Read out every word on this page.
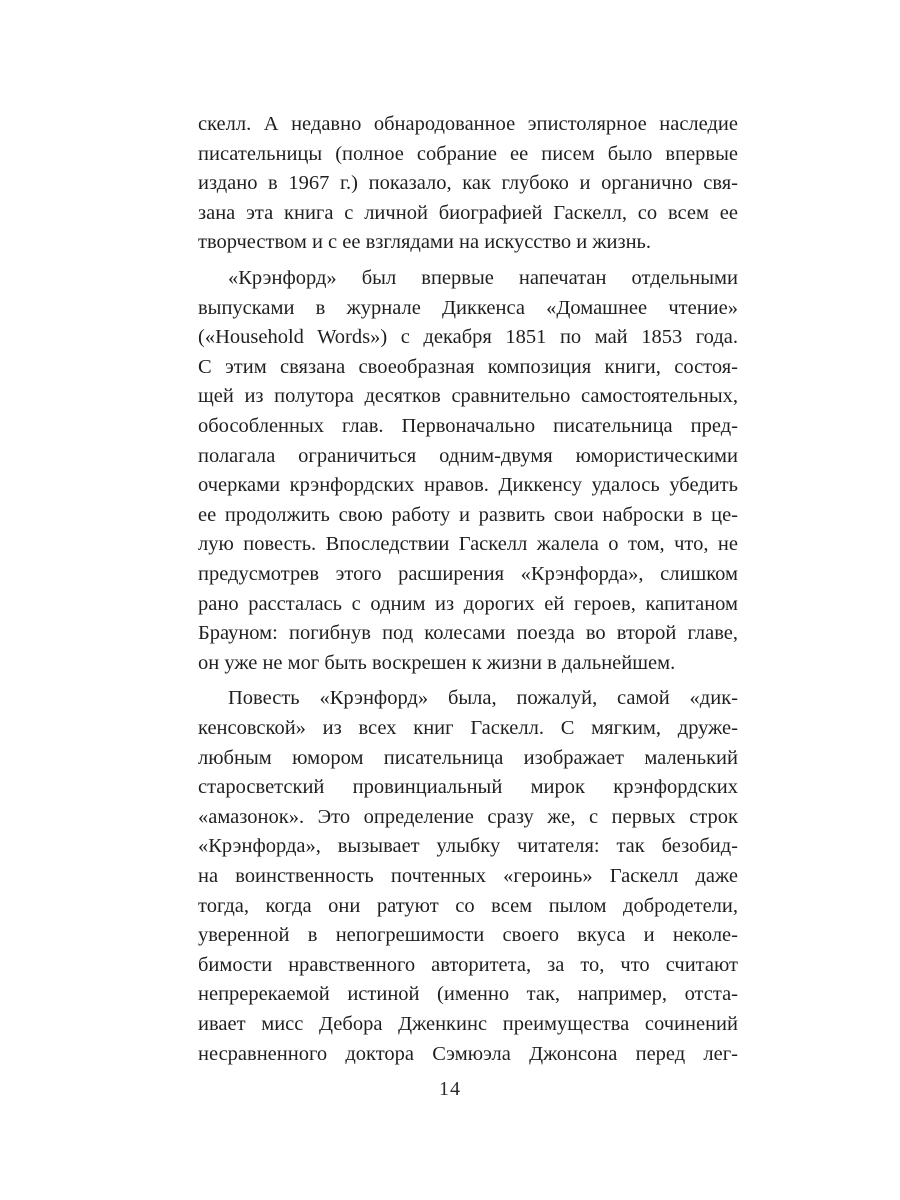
скелл. А недавно обнародованное эпистолярное наследие
писательницы (полное собрание ее писем было впервые
издано в 1967 г.) показало, как глубоко и органично свя-
зана эта книга с личной биографией Гаскелл, со всем ее
творчеством и с ее взглядами на искусство и жизнь.
«Крэнфорд» был впервые напечатан отдельными
выпусками в журнале Диккенса «Домашнее чтение»
(«Household Words») с декабря 1851 по май 1853 года.
С этим связана своеобразная композиция книги, состоя-
щей из полутора десятков сравнительно самостоятельных,
обособленных глав. Первоначально писательница пред-
полагала ограничиться одним-двумя юмористическими
очерками крэнфордских нравов. Диккенсу удалось убедить
ее продолжить свою работу и развить свои наброски в це-
лую повесть. Впоследствии Гаскелл жалела о том, что, не
предусмотрев этого расширения «Крэнфорда», слишком
рано рассталась с одним из дорогих ей героев, капитаном
Брауном: погибнув под колесами поезда во второй главе,
он уже не мог быть воскрешен к жизни в дальнейшем.
Повесть «Крэнфорд» была, пожалуй, самой «дик-
кенсовской» из всех книг Гаскелл. С мягким, друже-
любным юмором писательница изображает маленький
старосветский провинциальный мирок крэнфордских
«амазонок». Это определение сразу же, с первых строк
«Крэнфорда», вызывает улыбку читателя: так безобид-
на воинственность почтенных «героинь» Гаскелл даже
тогда, когда они ратуют со всем пылом добродетели,
уверенной в непогрешимости своего вкуса и неколе-
бимости нравственного авторитета, за то, что считают
непререкаемой истиной (именно так, например, отста-
ивает мисс Дебора Дженкинс преимущества сочинений
несравненного доктора Сэмюэла Джонсона перед лег-
14
